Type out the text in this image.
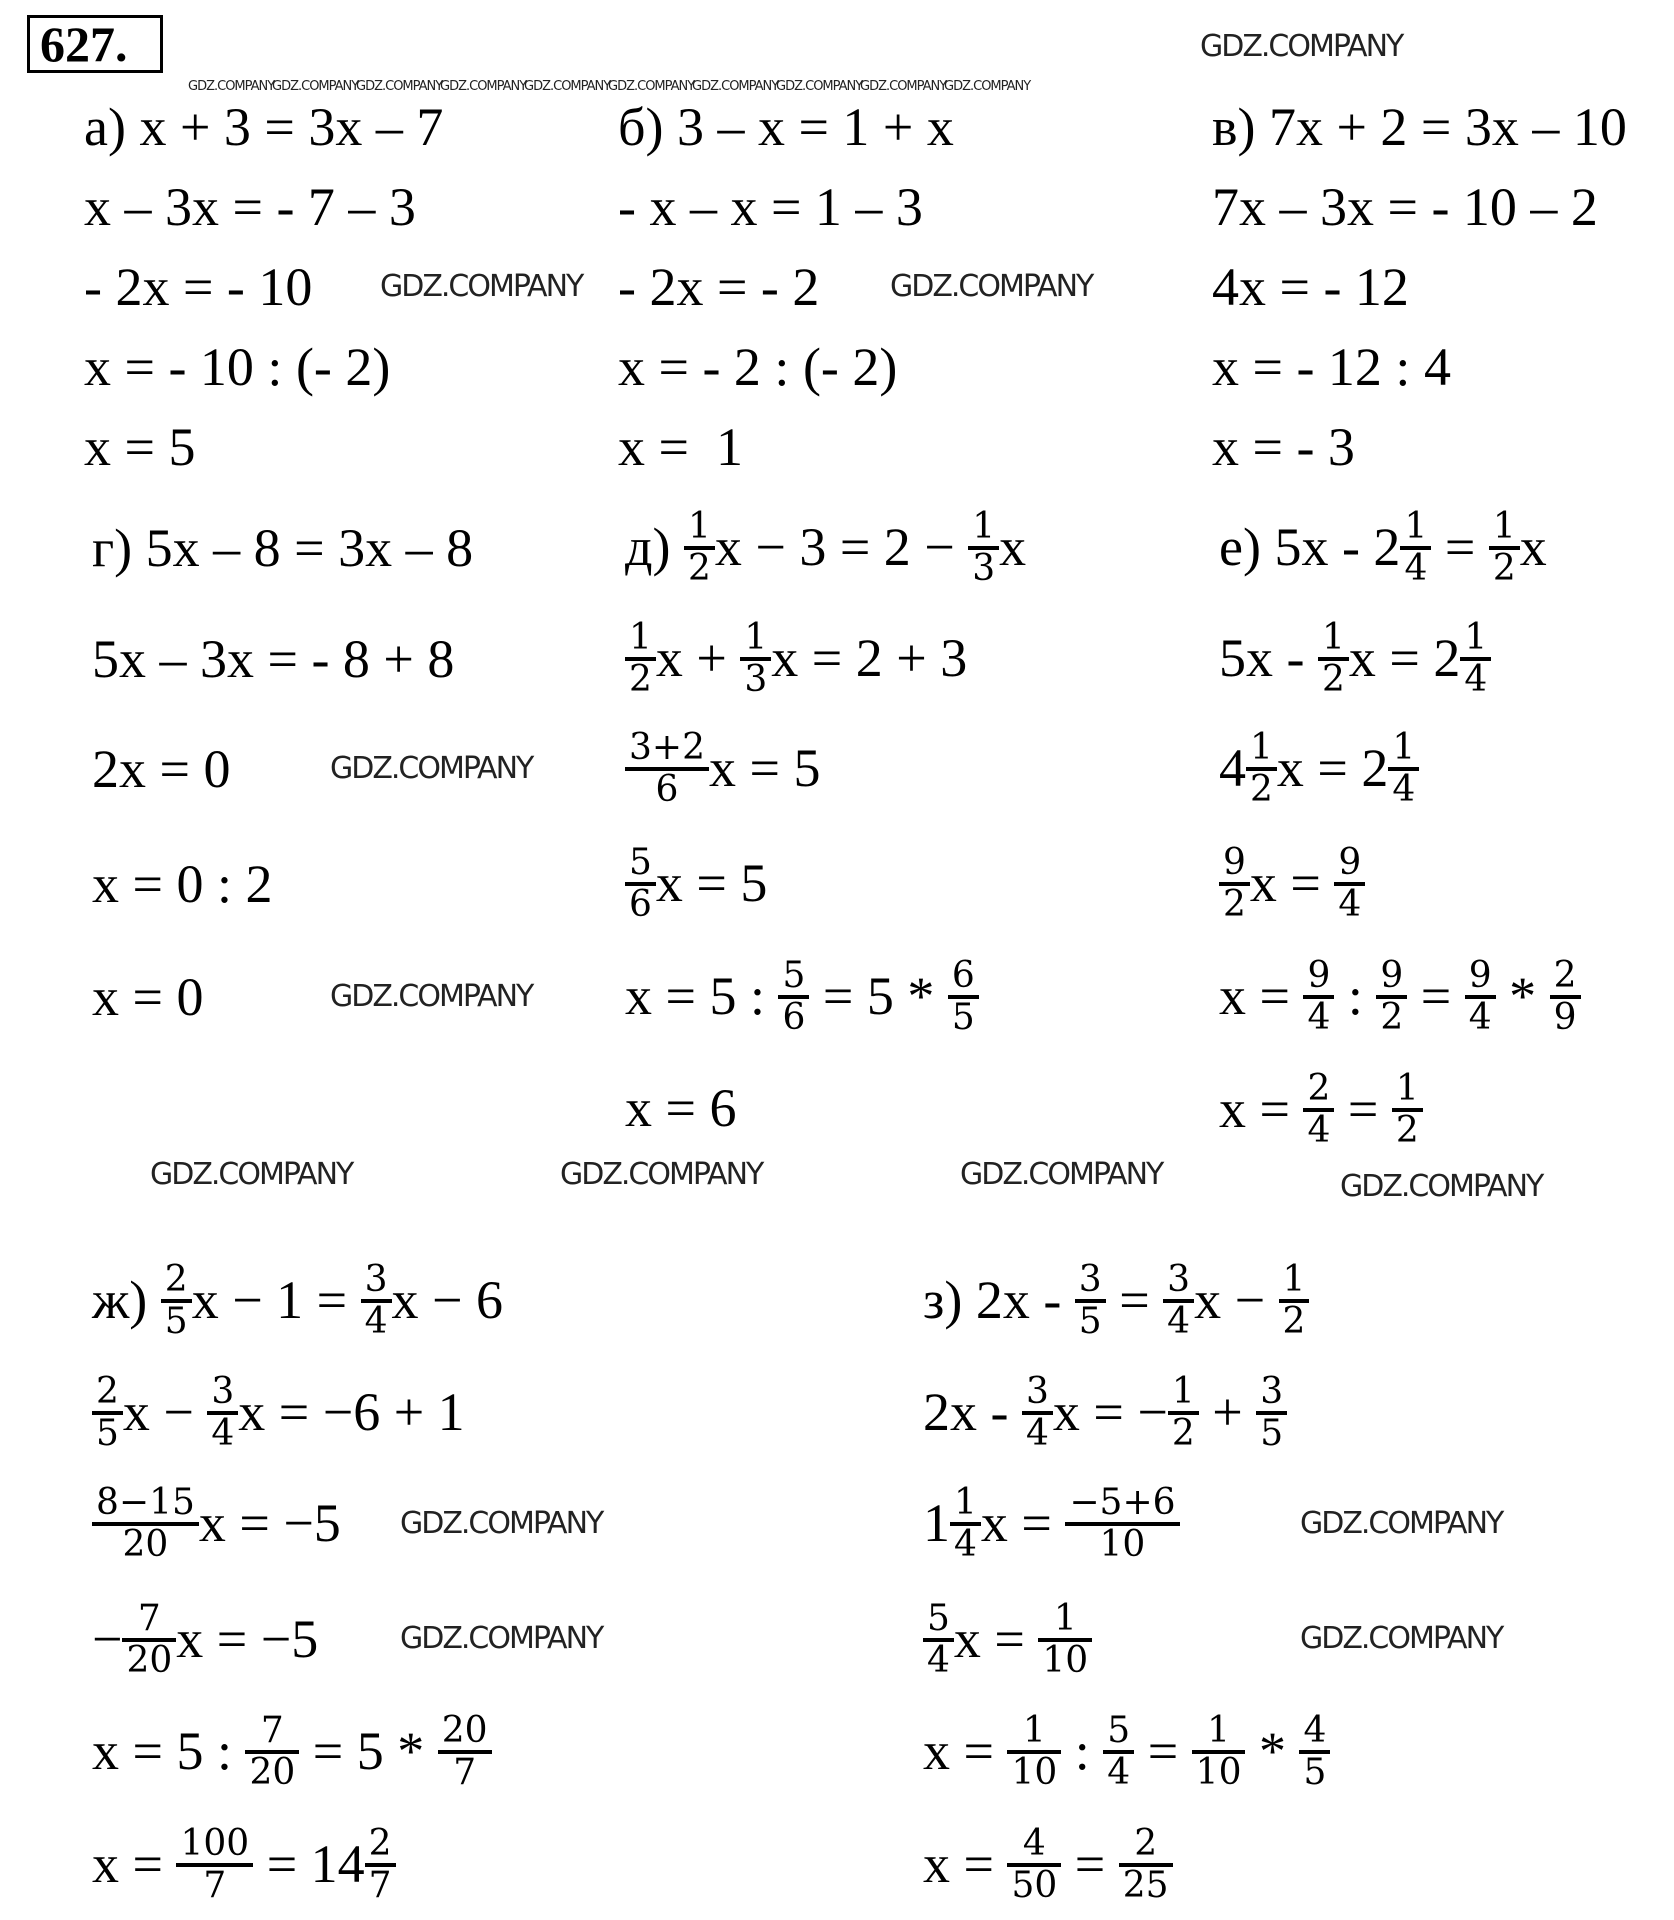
627.
а) x + 3 = 3x – 7
x – 3x = - 7 – 3
- 2x = - 10
x = - 10 : (- 2)
x = 5
б) 3 – x = 1 + x
- x – x = 1 – 3
- 2x = - 2
x = - 2 : (- 2)
x =  1
в) 7x + 2 = 3x – 10
7x – 3x = - 10 – 2
4x = - 12
x = - 12 : 4
x = - 3
г) 5x – 8 = 3x – 8
5x – 3x = - 8 + 8
2x = 0
x = 0 : 2
x = 0
$д) \frac{1}{2}$ $x - 3 = 2 - \frac{1}{3}$ x
$\frac{1}{2}$ $x + \frac{1}{3}$ x = 2 + 3
$\frac{3+2}{6}$ x = 5
$\frac{5}{6}$ x = 5
x = 5 : $\frac{5}{6} = 5 * \frac{6}{5}$
x = 6
е) $5x - 2 \frac{1}{4} = \frac{1}{2}$ x
$5x - \frac{1}{2}$ $x = 2 \frac{1}{4}$
$4 \frac{1}{2}$ $x = 2 \frac{1}{4}$
$\frac{9}{2}$ $x = \frac{9}{4}$
$x = \frac{9}{4}$ : $\frac{9}{2} = \frac{9}{4} * \frac{2}{9}$
$x = \frac{2}{4} = \frac{1}{2}$
$ж) \frac{2}{5}$ $x - 1 = \frac{3}{4}$ x − 6
$\frac{2}{5}$ $x - \frac{3}{4}$ x = −6 + 1
$\frac{8-15}{20}$ x = −5
− $\frac{7}{20}$ x = −5
x = 5 : $\frac{7}{20} = 5 * \frac{20}{7}$
$x = \frac{100}{7} = 14 \frac{2}{7}$
з) $2x - \frac{3}{5} = \frac{3}{4}$ $x - \frac{1}{2}$
$2x - \frac{3}{4}$ x = − $\frac{1}{2} + \frac{3}{5}$
$1 \frac{1}{4}$ $x = \frac{-5+6}{10}$
$\frac{5}{4}$ $x = \frac{1}{10}$
$x = \frac{1}{10}$ : $\frac{5}{4} = \frac{1}{10} * \frac{4}{5}$
$x = \frac{4}{50} = \frac{2}{25}$
GDZ.COMPANY
GDZ.COMPANY	GDZ.COMPANY
GDZ.COMPANY
GDZ.COMPANY
GDZ.COMPANY	GDZ.COMPANY	GDZ.COMPANY	GDZ.COMPANY
GDZ.COMPANY	GDZ.COMPANY
GDZ.COMPANY	GDZ.COMPANY
GDZ.COMPANY
GDZ.COMPANY
GDZ.COMPANY
GDZ.COMPANY
GDZ.COMPANY
GDZ.COMPANY
GDZ.COMPANY
GDZ.COMPANY
GDZ.COMPANY
GDZ.COMPANY
